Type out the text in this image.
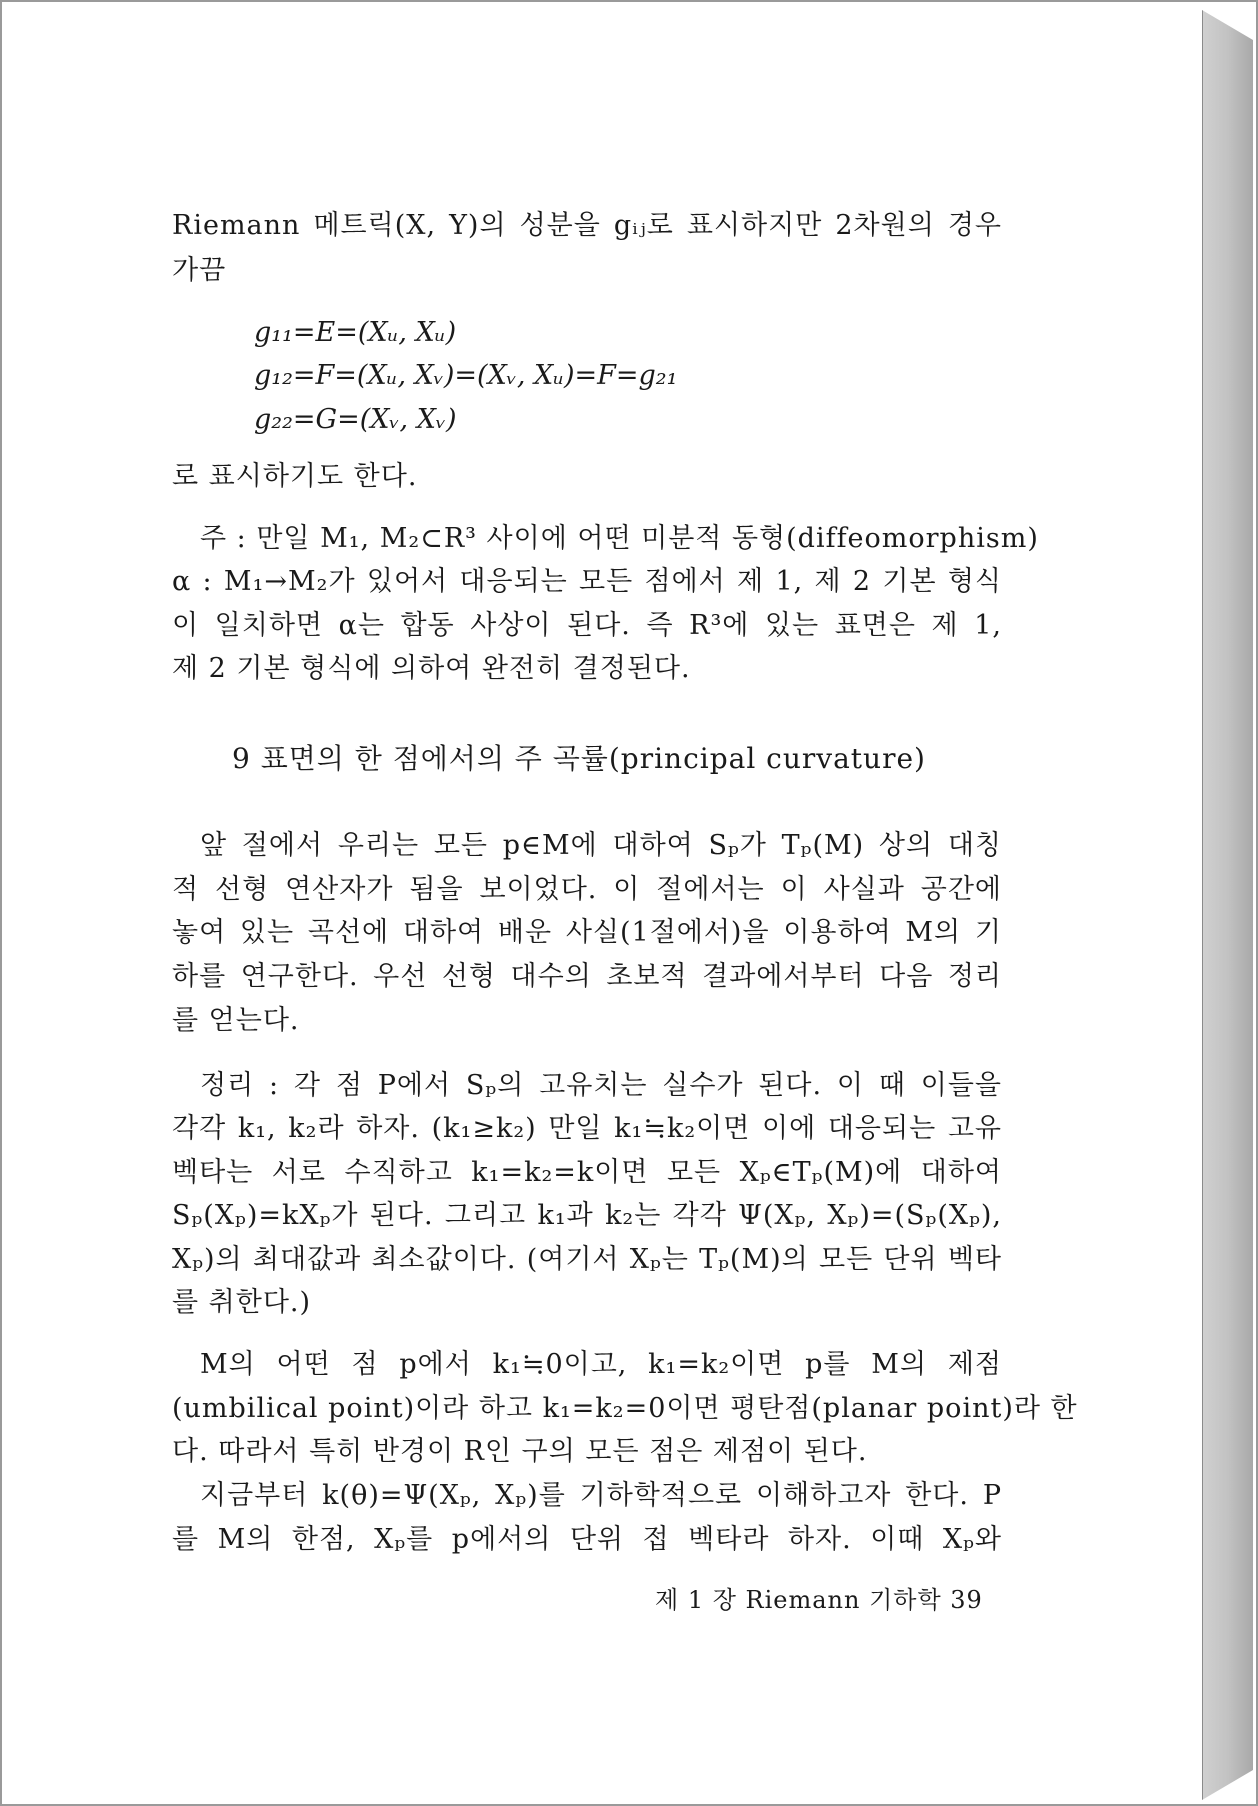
Riemann 메트릭(X, Y)의 성분을 gᵢⱼ로 표시하지만 2차원의 경우
가끔
g₁₁=E=(Xᵤ, Xᵤ)
g₁₂=F=(Xᵤ, Xᵥ)=(Xᵥ, Xᵤ)=F=g₂₁
g₂₂=G=(Xᵥ, Xᵥ)
로 표시하기도 한다.
주 : 만일 M₁, M₂⊂R³ 사이에 어떤 미분적 동형(diffeomorphism)
α : M₁→M₂가 있어서 대응되는 모든 점에서 제 1, 제 2 기본 형식
이 일치하면 α는 합동 사상이 된다. 즉 R³에 있는 표면은 제 1,
제 2 기본 형식에 의하여 완전히 결정된다.
9 표면의 한 점에서의 주 곡률(principal curvature)
앞 절에서 우리는 모든 p∈M에 대하여 Sₚ가 Tₚ(M) 상의 대칭
적 선형 연산자가 됨을 보이었다. 이 절에서는 이 사실과 공간에
놓여 있는 곡선에 대하여 배운 사실(1절에서)을 이용하여 M의 기
하를 연구한다. 우선 선형 대수의 초보적 결과에서부터 다음 정리
를 얻는다.
정리 : 각 점 P에서 Sₚ의 고유치는 실수가 된다. 이 때 이들을
각각 k₁, k₂라 하자. (k₁≥k₂) 만일 k₁≒k₂이면 이에 대응되는 고유
벡타는 서로 수직하고 k₁=k₂=k이면 모든 Xₚ∈Tₚ(M)에 대하여
Sₚ(Xₚ)=kXₚ가 된다. 그리고 k₁과 k₂는 각각 Ψ(Xₚ, Xₚ)=(Sₚ(Xₚ),
Xₚ)의 최대값과 최소값이다. (여기서 Xₚ는 Tₚ(M)의 모든 단위 벡타
를 취한다.)
M의 어떤 점 p에서 k₁≒0이고, k₁=k₂이면 p를 M의 제점
(umbilical point)이라 하고 k₁=k₂=0이면 평탄점(planar point)라 한
다. 따라서 특히 반경이 R인 구의 모든 점은 제점이 된다.
지금부터 k(θ)=Ψ(Xₚ, Xₚ)를 기하학적으로 이해하고자 한다. P
를 M의 한점, Xₚ를 p에서의 단위 접 벡타라 하자. 이때 Xₚ와
제 1 장 Riemann 기하학 39
